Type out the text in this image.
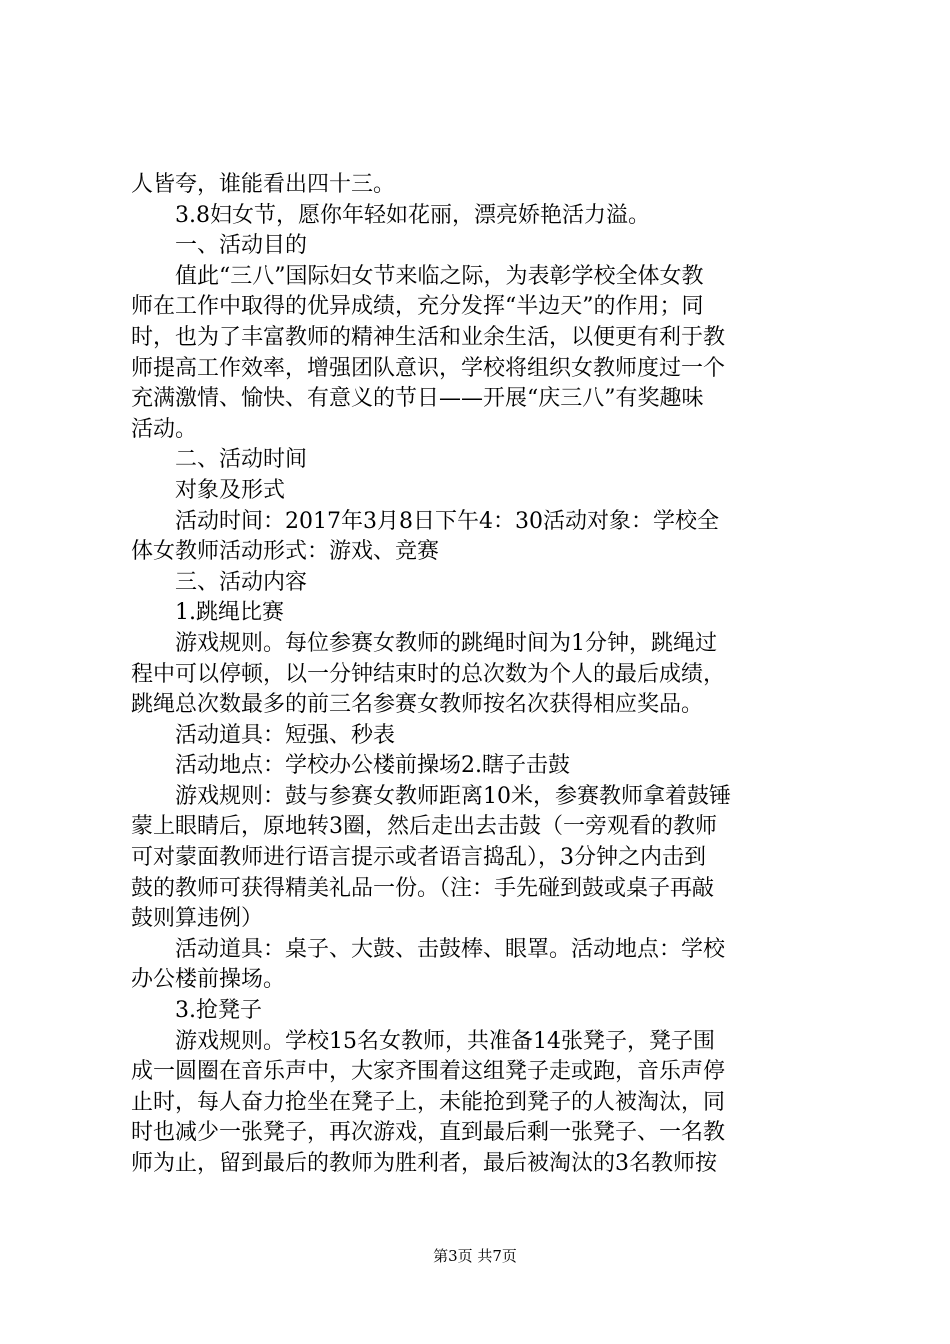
人皆夸，谁能看出四十三。
3.8妇女节，愿你年轻如花丽，漂亮娇艳活力溢。
一、活动目的
值此“三八”国际妇女节来临之际，为表彰学校全体女教
师在工作中取得的优异成绩，充分发挥“半边天”的作用；同
时，也为了丰富教师的精神生活和业余生活，以便更有利于教
师提高工作效率，增强团队意识，学校将组织女教师度过一个
充满激情、愉快、有意义的节日——开展“庆三八”有奖趣味
活动。
二、活动时间
对象及形式
活动时间：2017年3月8日下午4：30活动对象：学校全
体女教师活动形式：游戏、竞赛
三、活动内容
1.跳绳比赛
游戏规则。每位参赛女教师的跳绳时间为1分钟，跳绳过
程中可以停顿，以一分钟结束时的总次数为个人的最后成绩，
跳绳总次数最多的前三名参赛女教师按名次获得相应奖品。
活动道具：短强、秒表
活动地点：学校办公楼前操场2.瞎子击鼓
游戏规则：鼓与参赛女教师距离10米，参赛教师拿着鼓锤
蒙上眼睛后，原地转3圈，然后走出去击鼓（一旁观看的教师
可对蒙面教师进行语言提示或者语言捣乱），3分钟之内击到
鼓的教师可获得精美礼品一份。（注：手先碰到鼓或桌子再敲
鼓则算违例）
活动道具：桌子、大鼓、击鼓棒、眼罩。活动地点：学校
办公楼前操场。
3.抢凳子
游戏规则。学校15名女教师，共准备14张凳子，凳子围
成一圆圈在音乐声中，大家齐围着这组凳子走或跑，音乐声停
止时，每人奋力抢坐在凳子上，未能抢到凳子的人被淘汰，同
时也减少一张凳子，再次游戏，直到最后剩一张凳子、一名教
师为止，留到最后的教师为胜利者，最后被淘汰的3名教师按
第3页 共7页
